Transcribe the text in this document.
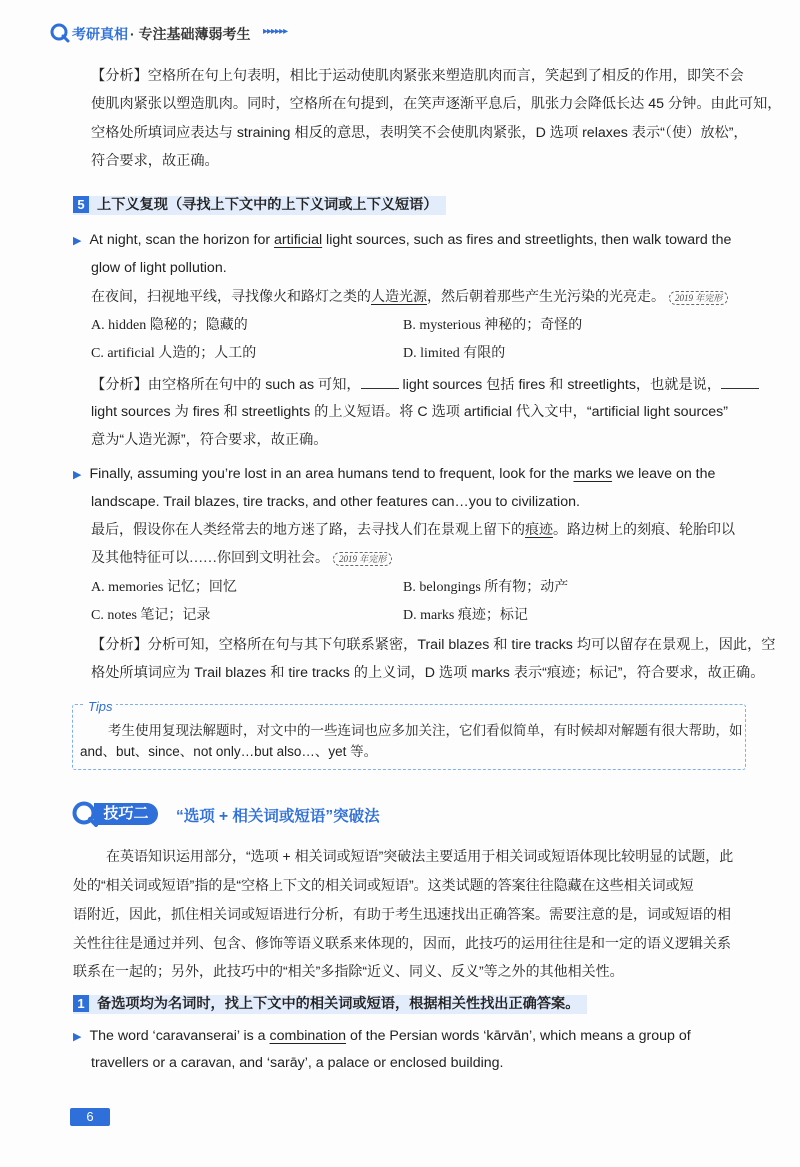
考研真相 · 专注基础薄弱考生 ▸▸▸▸▸▸
【分析】空格所在句上句表明，相比于运动使肌肉紧张来塑造肌肉而言，笑起到了相反的作用，即笑不会
使肌肉紧张以塑造肌肉。同时，空格所在句提到，在笑声逐渐平息后，肌张力会降低长达 45 分钟。由此可知，
空格处所填词应表达与 straining 相反的意思，表明笑不会使肌肉紧张，D 选项 relaxes 表示“（使）放松”，
符合要求，故正确。
5 上下义复现（寻找上下文中的上下义词或上下义短语）
▶ At night, scan the horizon for artificial light sources, such as fires and streetlights, then walk toward the
glow of light pollution.
在夜间，扫视地平线，寻找像火和路灯之类的人造光源，然后朝着那些产生光污染的光亮走。 2019 年完形
A. hidden 隐秘的；隐藏的	B. mysterious 神秘的；奇怪的
C. artificial 人造的；人工的	D. limited 有限的
【分析】由空格所在句中的 such as 可知，	light sources 包括 fires 和 streetlights，也就是说，
light sources 为 fires 和 streetlights 的上义短语。将 C 选项 artificial 代入文中，“artificial light sources”
意为“人造光源”，符合要求，故正确。
▶ Finally, assuming you’re lost in an area humans tend to frequent, look for the marks we leave on the
landscape. Trail blazes, tire tracks, and other features can…you to civilization.
最后，假设你在人类经常去的地方迷了路，去寻找人们在景观上留下的痕迹。路边树上的刻痕、轮胎印以
及其他特征可以……你回到文明社会。 2019 年完形
A. memories 记忆；回忆	B. belongings 所有物；动产
C. notes 笔记；记录	D. marks 痕迹；标记
【分析】分析可知，空格所在句与其下句联系紧密，Trail blazes 和 tire tracks 均可以留存在景观上，因此，空
格处所填词应为 Trail blazes 和 tire tracks 的上义词，D 选项 marks 表示“痕迹；标记”，符合要求，故正确。
Tips
考生使用复现法解题时，对文中的一些连词也应多加关注，它们看似简单，有时候却对解题有很大帮助，如
and、but、since、not only…but also…、yet 等。
技巧二	“选项 + 相关词或短语”突破法
在英语知识运用部分，“选项 + 相关词或短语”突破法主要适用于相关词或短语体现比较明显的试题，此
处的“相关词或短语”指的是“空格上下文的相关词或短语”。这类试题的答案往往隐藏在这些相关词或短
语附近，因此，抓住相关词或短语进行分析，有助于考生迅速找出正确答案。需要注意的是，词或短语的相
关性往往是通过并列、包含、修饰等语义联系来体现的，因而，此技巧的运用往往是和一定的语义逻辑关系
联系在一起的；另外，此技巧中的“相关”多指除“近义、同义、反义”等之外的其他相关性。
1 备选项均为名词时，找上下文中的相关词或短语，根据相关性找出正确答案。
▶ The word ‘caravanserai’ is a combination of the Persian words ‘kārvān’, which means a group of
travellers or a caravan, and ‘sarāy’, a palace or enclosed building.
6
